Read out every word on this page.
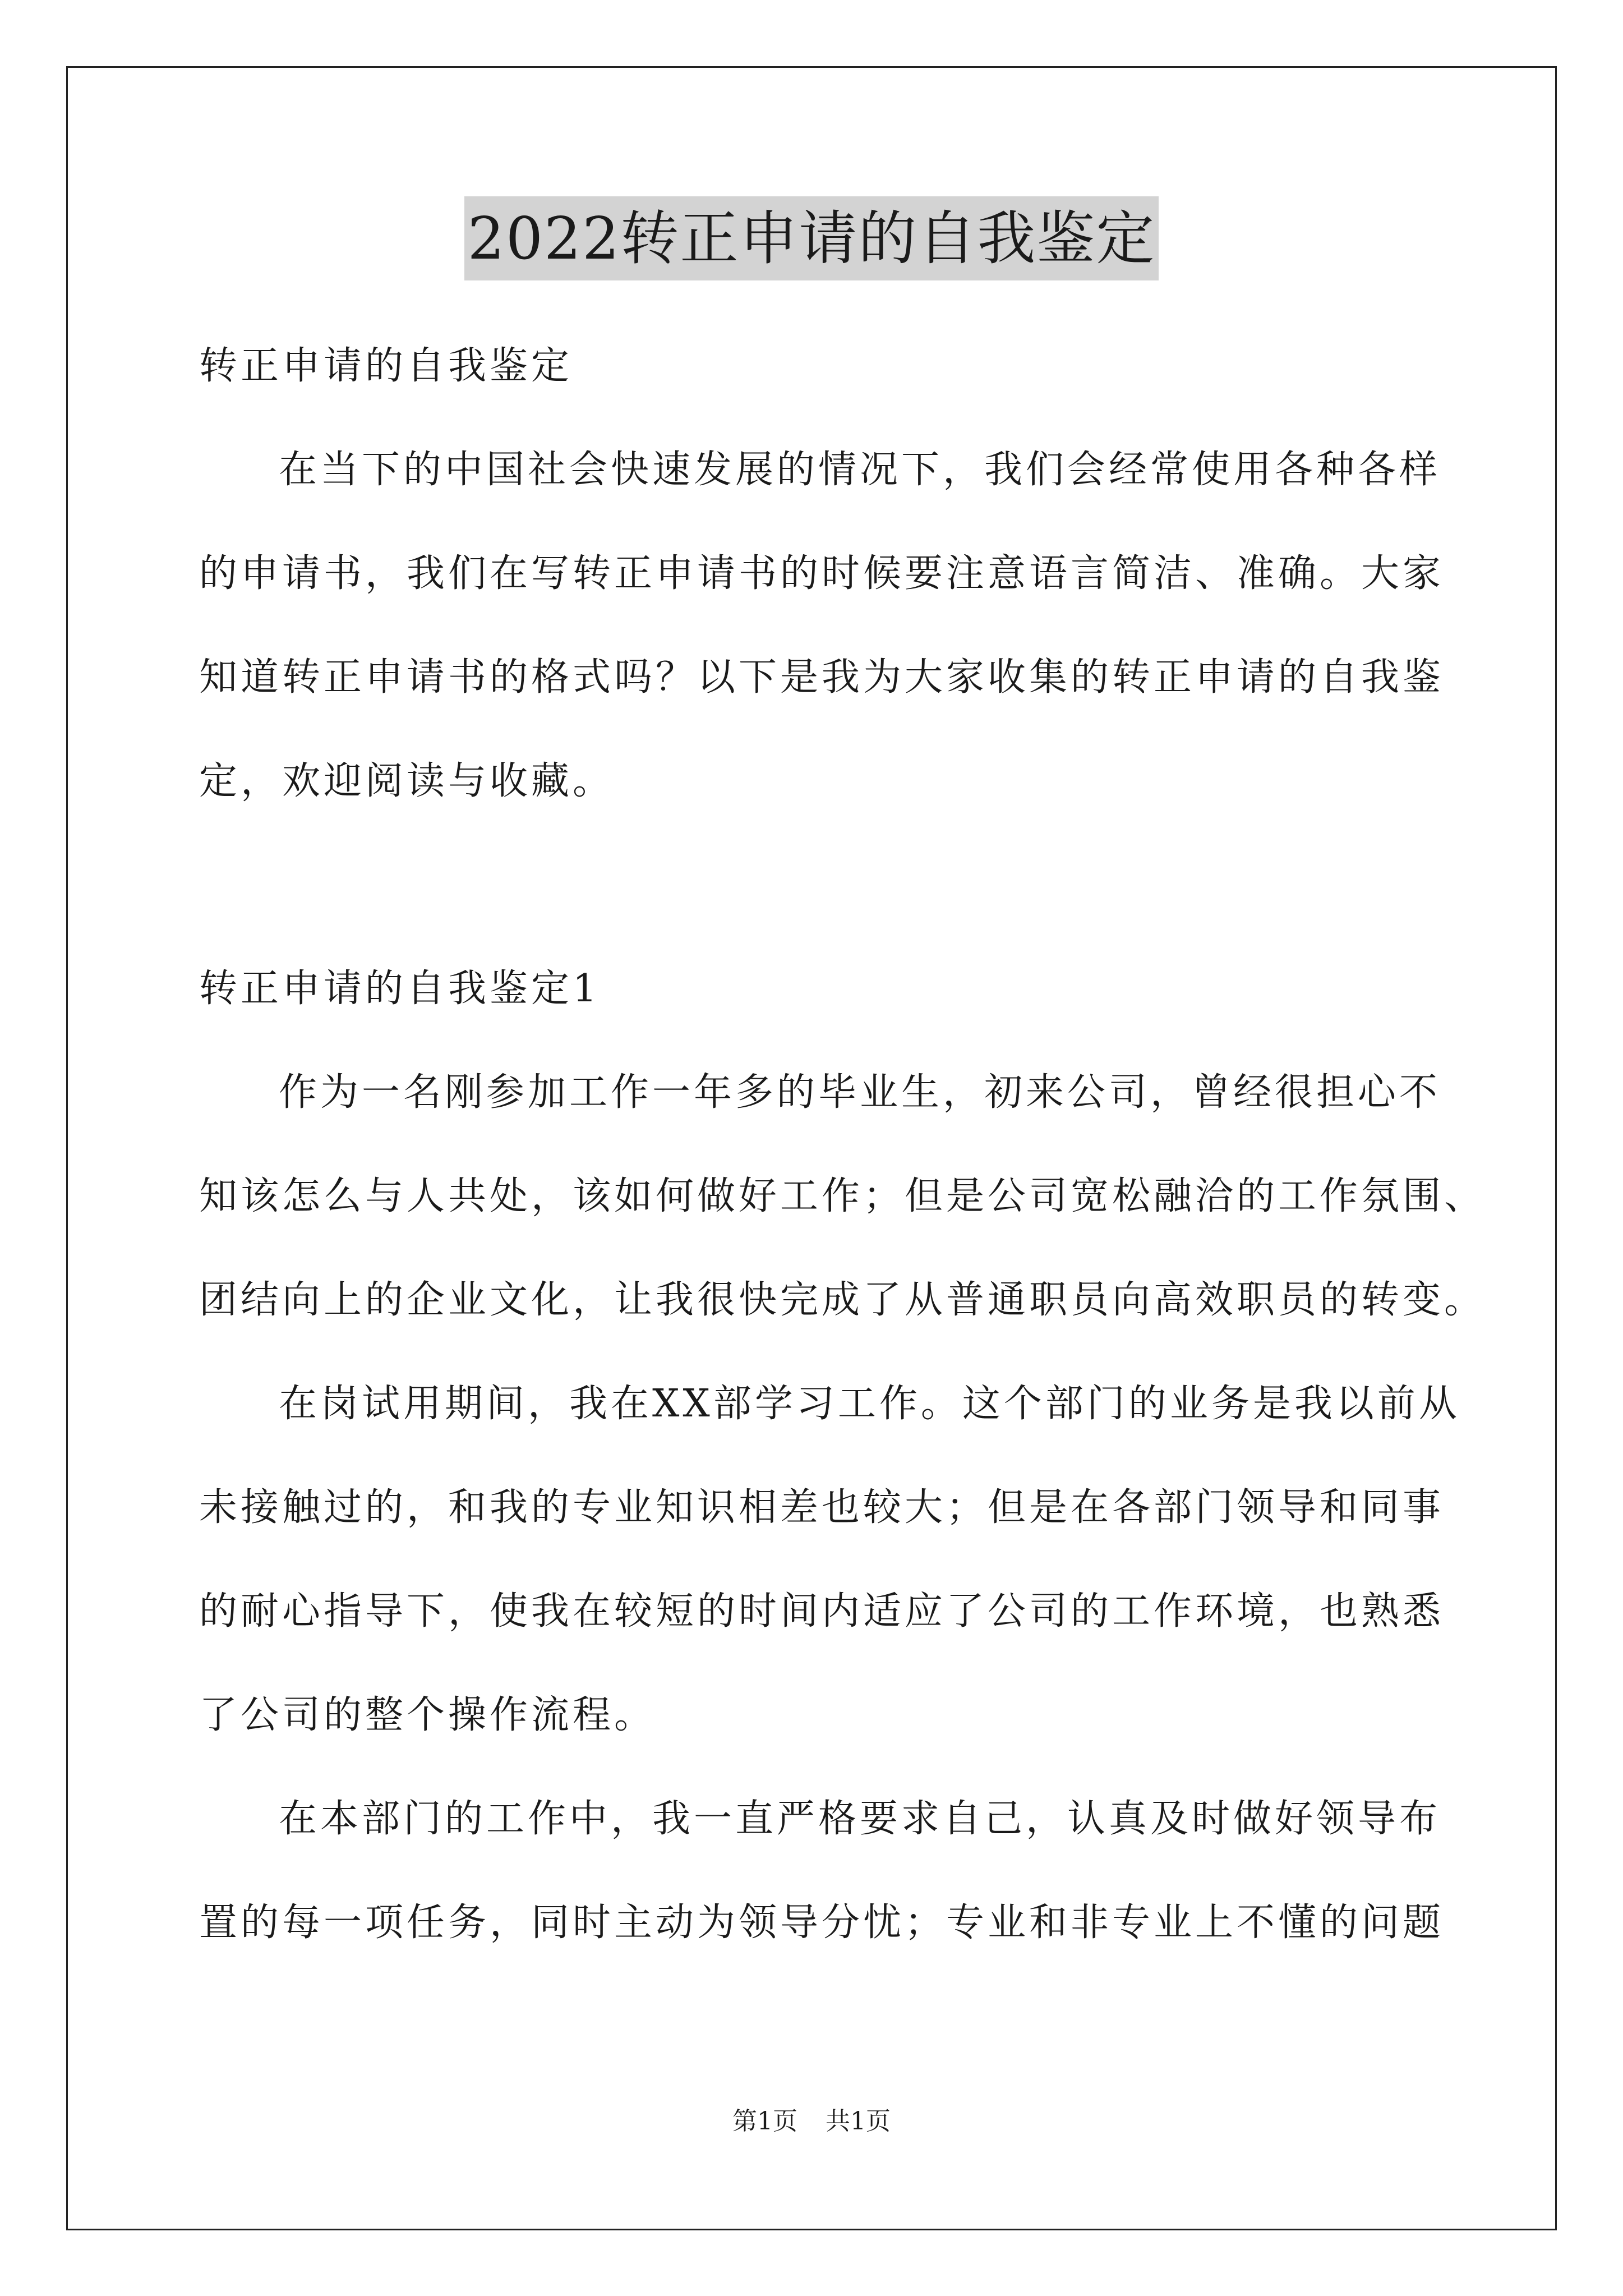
2022转正申请的自我鉴定
转正申请的自我鉴定
在当下的中国社会快速发展的情况下，我们会经常使用各种各样
的申请书，我们在写转正申请书的时候要注意语言简洁、准确。大家
知道转正申请书的格式吗？以下是我为大家收集的转正申请的自我鉴
定，欢迎阅读与收藏。
转正申请的自我鉴定1
作为一名刚参加工作一年多的毕业生，初来公司，曾经很担心不
知该怎么与人共处，该如何做好工作；但是公司宽松融洽的工作氛围、
团结向上的企业文化，让我很快完成了从普通职员向高效职员的转变。
在岗试用期间，我在XX部学习工作。这个部门的业务是我以前从
未接触过的，和我的专业知识相差也较大；但是在各部门领导和同事
的耐心指导下，使我在较短的时间内适应了公司的工作环境，也熟悉
了公司的整个操作流程。
在本部门的工作中，我一直严格要求自己，认真及时做好领导布
置的每一项任务，同时主动为领导分忧；专业和非专业上不懂的问题
第1页 共1页
